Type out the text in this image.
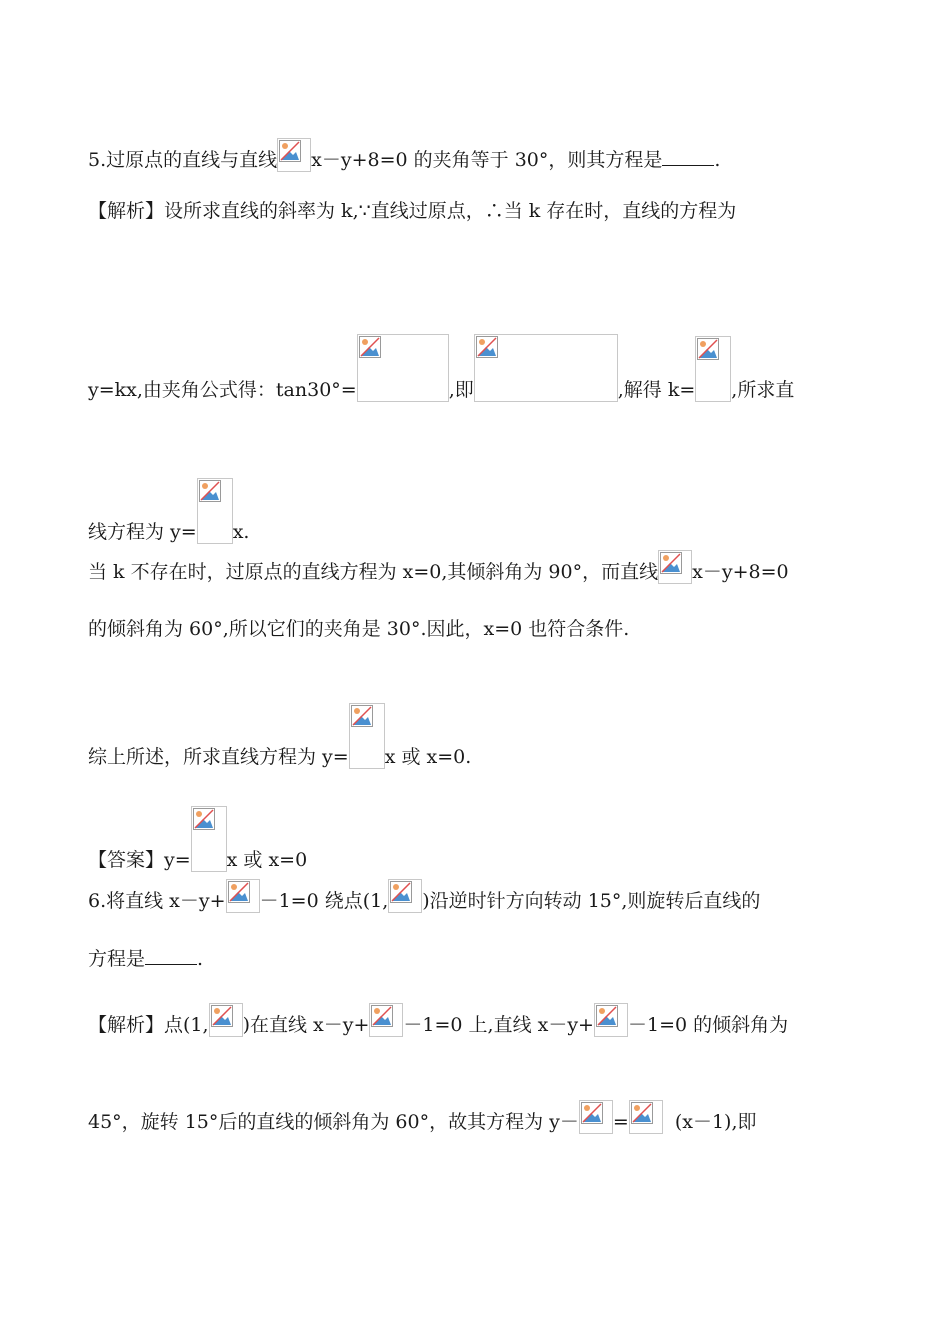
5.过原点的直线与直线 x－y+8=0 的夹角等于 30°，则其方程是	.
【解析】 设所求直线的斜率为 k,∵直线过原点，∴当 k 存在时，直线的方程为
y=kx,由夹角公式得：tan30°=	,即	,解得 k= ,所求直
线方程为 y= x.
当 k 不存在时，过原点的直线方程为 x=0,其倾斜角为 90°，而直线 x－y+8=0
的倾斜角为 60°,所以它们的夹角是 30°.因此，x=0 也符合条件.
综上所述，所求直线方程为 y= x 或 x=0.
【答案】y= x 或 x=0
6.将直线 x－y+ －1=0 绕点(1, )沿逆时针方向转动 15°,则旋转后直线的
方程是	.
【解析】点(1, )在直线 x－y+ －1=0 上,直线 x－y+ －1=0 的倾斜角为
45°，旋转 15°后的直线的倾斜角为 60°，故其方程为 y－ = (x－1),即
